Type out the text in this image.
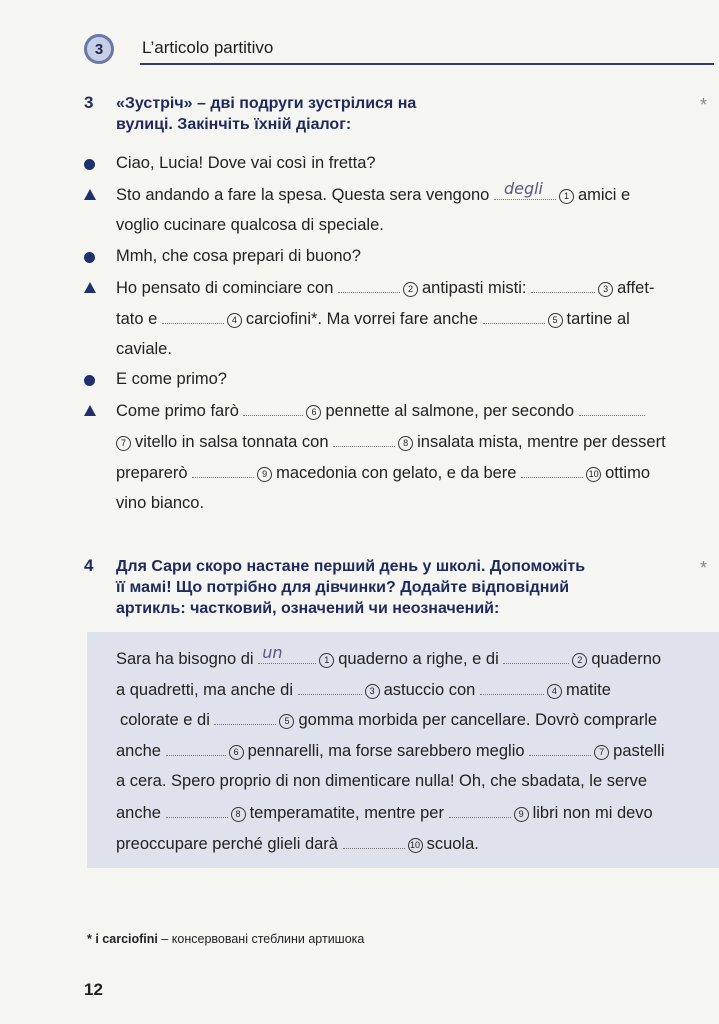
3 L’articolo partitivo
3 «Зустріч» – дві подруги зустрілися на
вулиці. Закінчіть їхній діалог:
*
Ciao, Lucia! Dove vai così in fretta?
Sto andando a fare la spesa. Questa sera vengono degli 1 amici e
voglio cucinare qualcosa di speciale.
Mmh, che cosa prepari di buono?
Ho pensato di cominciare con	2 antipasti misti:	3 affet-
tato e	4 carciofini*. Ma vorrei fare anche	5 tartine al
caviale.
E come primo?
Come primo farò	6 pennette al salmone, per secondo
7 vitello in salsa tonnata con	8 insalata mista, mentre per dessert
preparerò	9 macedonia con gelato, e da bere	10 ottimo
vino bianco.
4 Для Сари скоро настане перший день у школі. Допоможіть
її мамі! Що потрібно для дівчинки? Додайте відповідний
артикль: частковий, означений чи неозначений:
*
Sara ha bisogno di un	1 quaderno a righe, e di	2 quaderno
a quadretti, ma anche di	3 astuccio con	4 matite
colorate e di	5 gomma morbida per cancellare. Dovrò comprarle
anche	6 pennarelli, ma forse sarebbero meglio	7 pastelli
a cera. Spero proprio di non dimenticare nulla! Oh, che sbadata, le serve
anche	8 temperamatite, mentre per	9 libri non mi devo
preoccupare perché glieli darà	10 scuola.
* i carciofini – консервовані стеблини артишока
12
